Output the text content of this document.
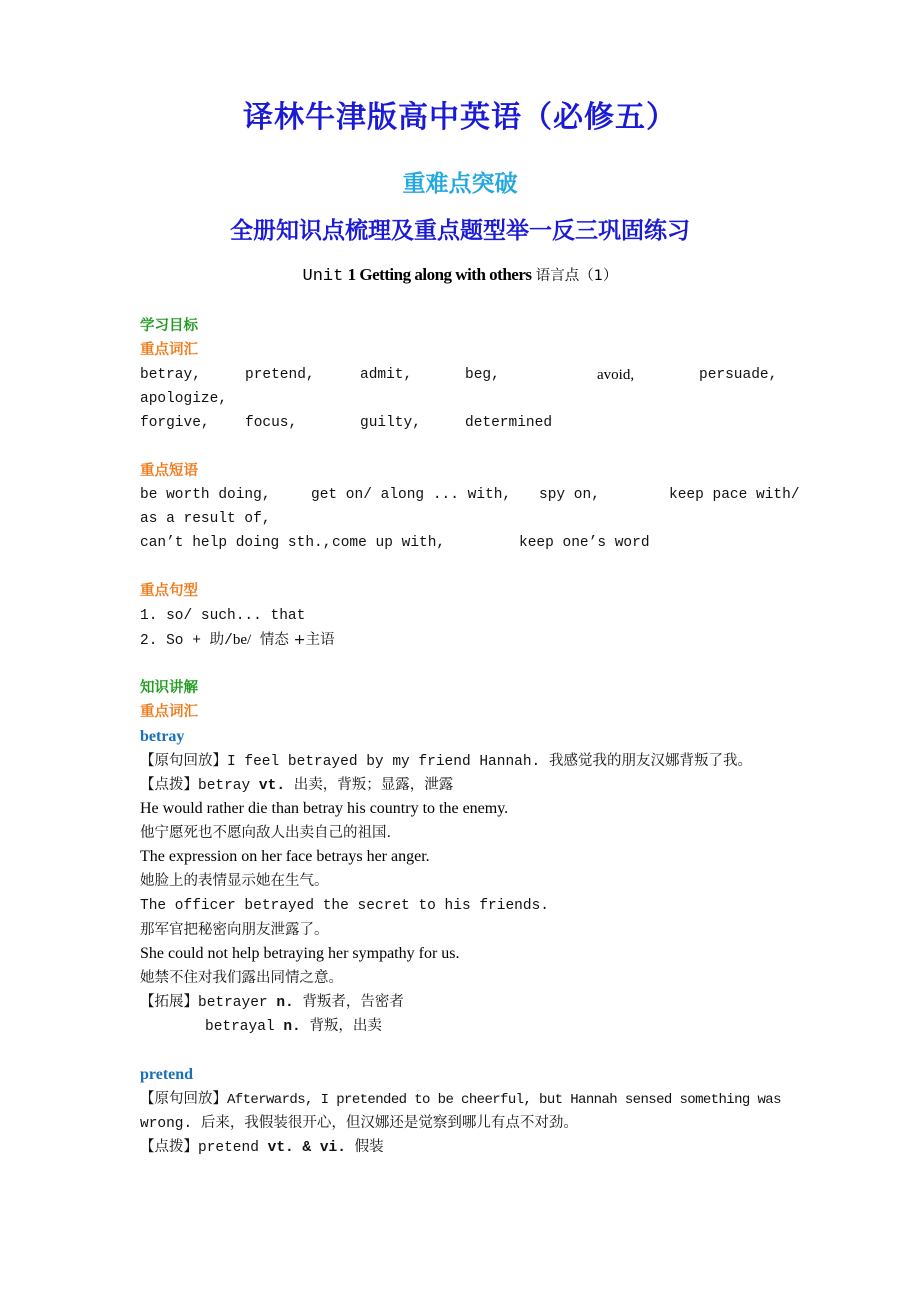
译林牛津版高中英语（必修五）
重难点突破
全册知识点梳理及重点题型举一反三巩固练习
Unit 1 Getting along with others 语言点（1）
学习目标
重点词汇
betray,	pretend,	admit,	beg,	avoid,	persuade,
apologize,
forgive, focus,	guilty,	determined
重点短语
be worth doing,	get on/ along ... with, spy on,	keep pace with/
as a result of,
can’t help doing sth., come up with,	keep one’s word
重点句型
1. so/ such... that
2. So + 助/be/ 情态 +主语
知识讲解
重点词汇
betray
【原句回放】I feel betrayed by my friend Hannah. 我感觉我的朋友汉娜背叛了我。
【点拨】betray vt. 出卖，背叛；显露，泄露
He would rather die than betray his country to the enemy.
他宁愿死也不愿向敌人出卖自己的祖国.
The expression on her face betrays her anger.
她脸上的表情显示她在生气。
The officer betrayed the secret to his friends.
那军官把秘密向朋友泄露了。
She could not help betraying her sympathy for us.
她禁不住对我们露出同情之意。
【拓展】betrayer n. 背叛者，告密者
betrayal n. 背叛，出卖
pretend
【原句回放】Afterwards, I pretended to be cheerful, but Hannah sensed something was
wrong. 后来，我假装很开心，但汉娜还是觉察到哪儿有点不对劲。
【点拨】pretend vt. & vi. 假装
